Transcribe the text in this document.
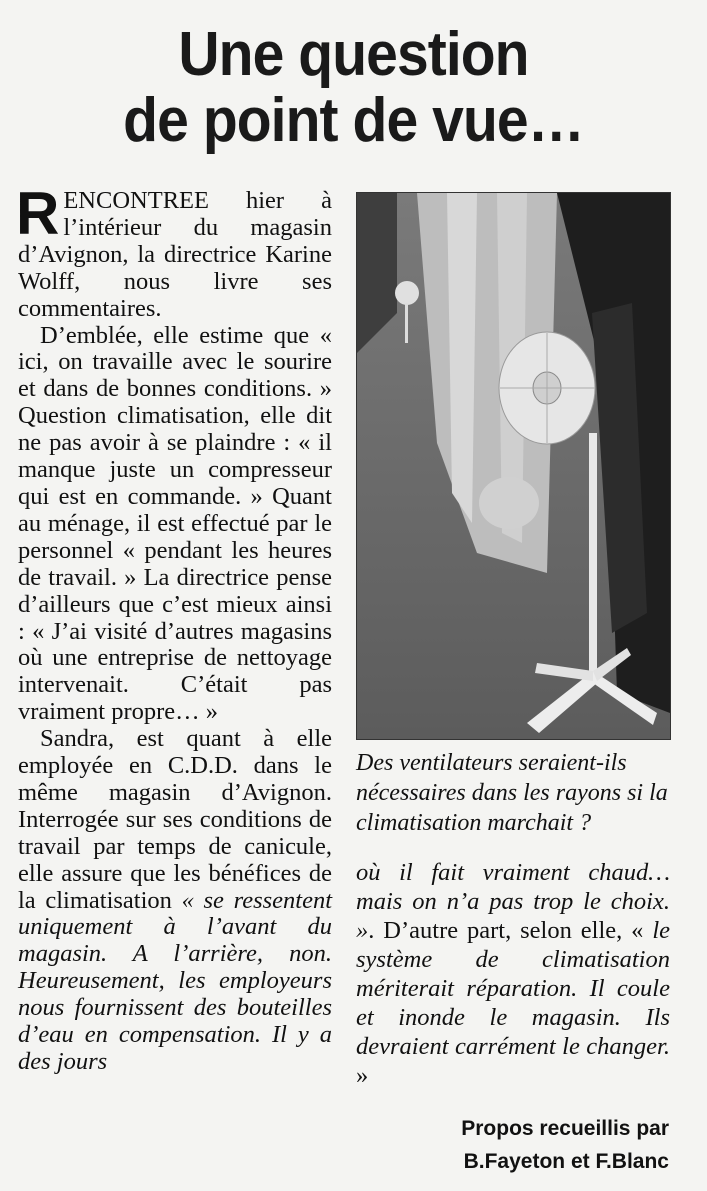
Une question
de point de vue…

RENCONTREE hier à l’intérieur du magasin d’Avignon, la directrice Karine Wolff, nous livre ses commentaires.

D’emblée, elle estime que « ici, on travaille avec le sourire et dans de bonnes conditions. » Question climatisation, elle dit ne pas avoir à se plaindre : « il manque juste un compresseur qui est en commande. » Quant au ménage, il est effectué par le personnel « pendant les heures de travail. » La directrice pense d’ailleurs que c’est mieux ainsi : « J’ai visité d’autres magasins où une entreprise de nettoyage intervenait. C’était pas vraiment propre… »

Sandra, est quant à elle employée en C.D.D. dans le même magasin d’Avignon. Interrogée sur ses conditions de travail par temps de canicule, elle assure que les bénéfices de la climatisation « se ressentent uniquement à l’avant du magasin. A l’arrière, non. Heureusement, les employeurs nous fournissent des bouteilles d’eau en compensation. Il y a des jours

Des ventilateurs seraient-ils nécessaires dans les rayons si la climatisation marchait ?

où il fait vraiment chaud… mais on n’a pas trop le choix. ». D’autre part, selon elle, « le système de climatisation mériterait réparation. Il coule et inonde le magasin. Ils devraient carrément le changer. »

Propos recueillis par
B.Fayeton et F.Blanc
